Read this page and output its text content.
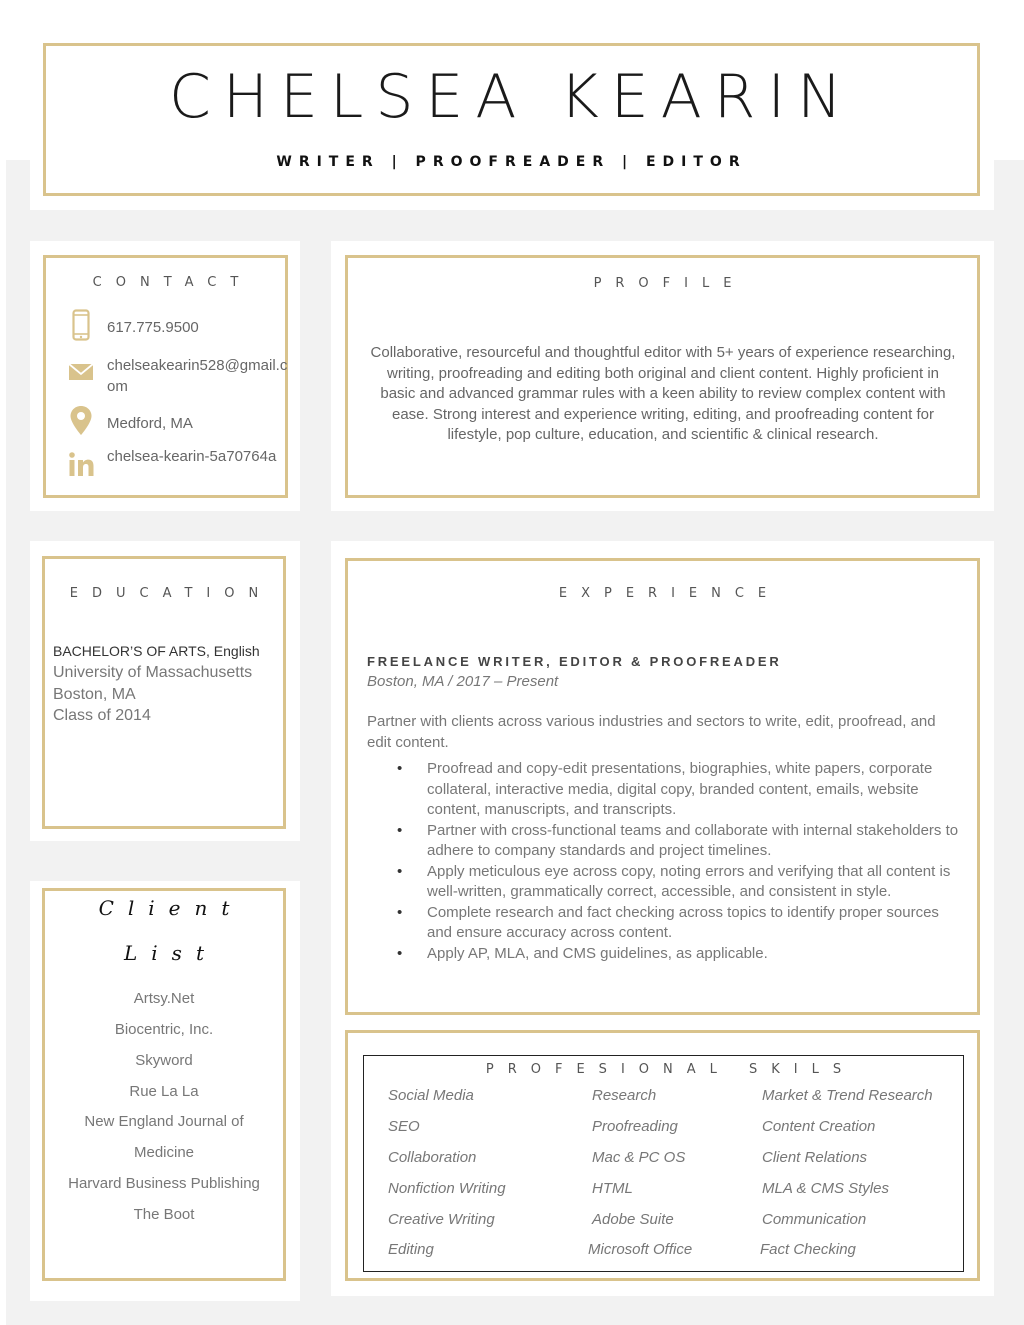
CHELSEA KEARIN
WRITER | PROOFREADER | EDITOR
CONTACT
617.775.9500
chelseakearin528@gmail.com
Medford, MA
chelsea-kearin-5a70764a
PROFILE

Collaborative, resourceful and thoughtful editor with 5+ years of experience researching, writing, proofreading and editing both original and client content. Highly proficient in basic and advanced grammar rules with a keen ability to review complex content with ease. Strong interest and experience writing, editing, and proofreading content for lifestyle, pop culture, education, and scientific & clinical research.

EDUCATION
BACHELOR’S OF ARTS, English
University of Massachusetts
Boston, MA
Class of 2014
Client
List
Artsy.Net
Biocentric, Inc.
Skyword
Rue La La
New England Journal of
Medicine
Harvard Business Publishing
The Boot
EXPERIENCE
FREELANCE WRITER, EDITOR & PROOFREADER
Boston, MA / 2017 – Present

Partner with clients across various industries and sectors to write, edit, proofread, and edit content.

• Proofread and copy-edit presentations, biographies, white papers, corporate collateral, interactive media, digital copy, branded content, emails, website content, manuscripts, and transcripts.
• Partner with cross-functional teams and collaborate with internal stakeholders to adhere to company standards and project timelines.
• Apply meticulous eye across copy, noting errors and verifying that all content is well-written, grammatically correct, accessible, and consistent in style.
• Complete research and fact checking across topics to identify proper sources and ensure accuracy across content.
• Apply AP, MLA, and CMS guidelines, as applicable.
PROFESIONAL SKILS
Social Media
SEO
Collaboration
Nonfiction Writing
Creative Writing
Editing
Research
Proofreading
Mac & PC OS
HTML
Adobe Suite
Microsoft Office
Market & Trend Research
Content Creation
Client Relations
MLA & CMS Styles
Communication
Fact Checking
